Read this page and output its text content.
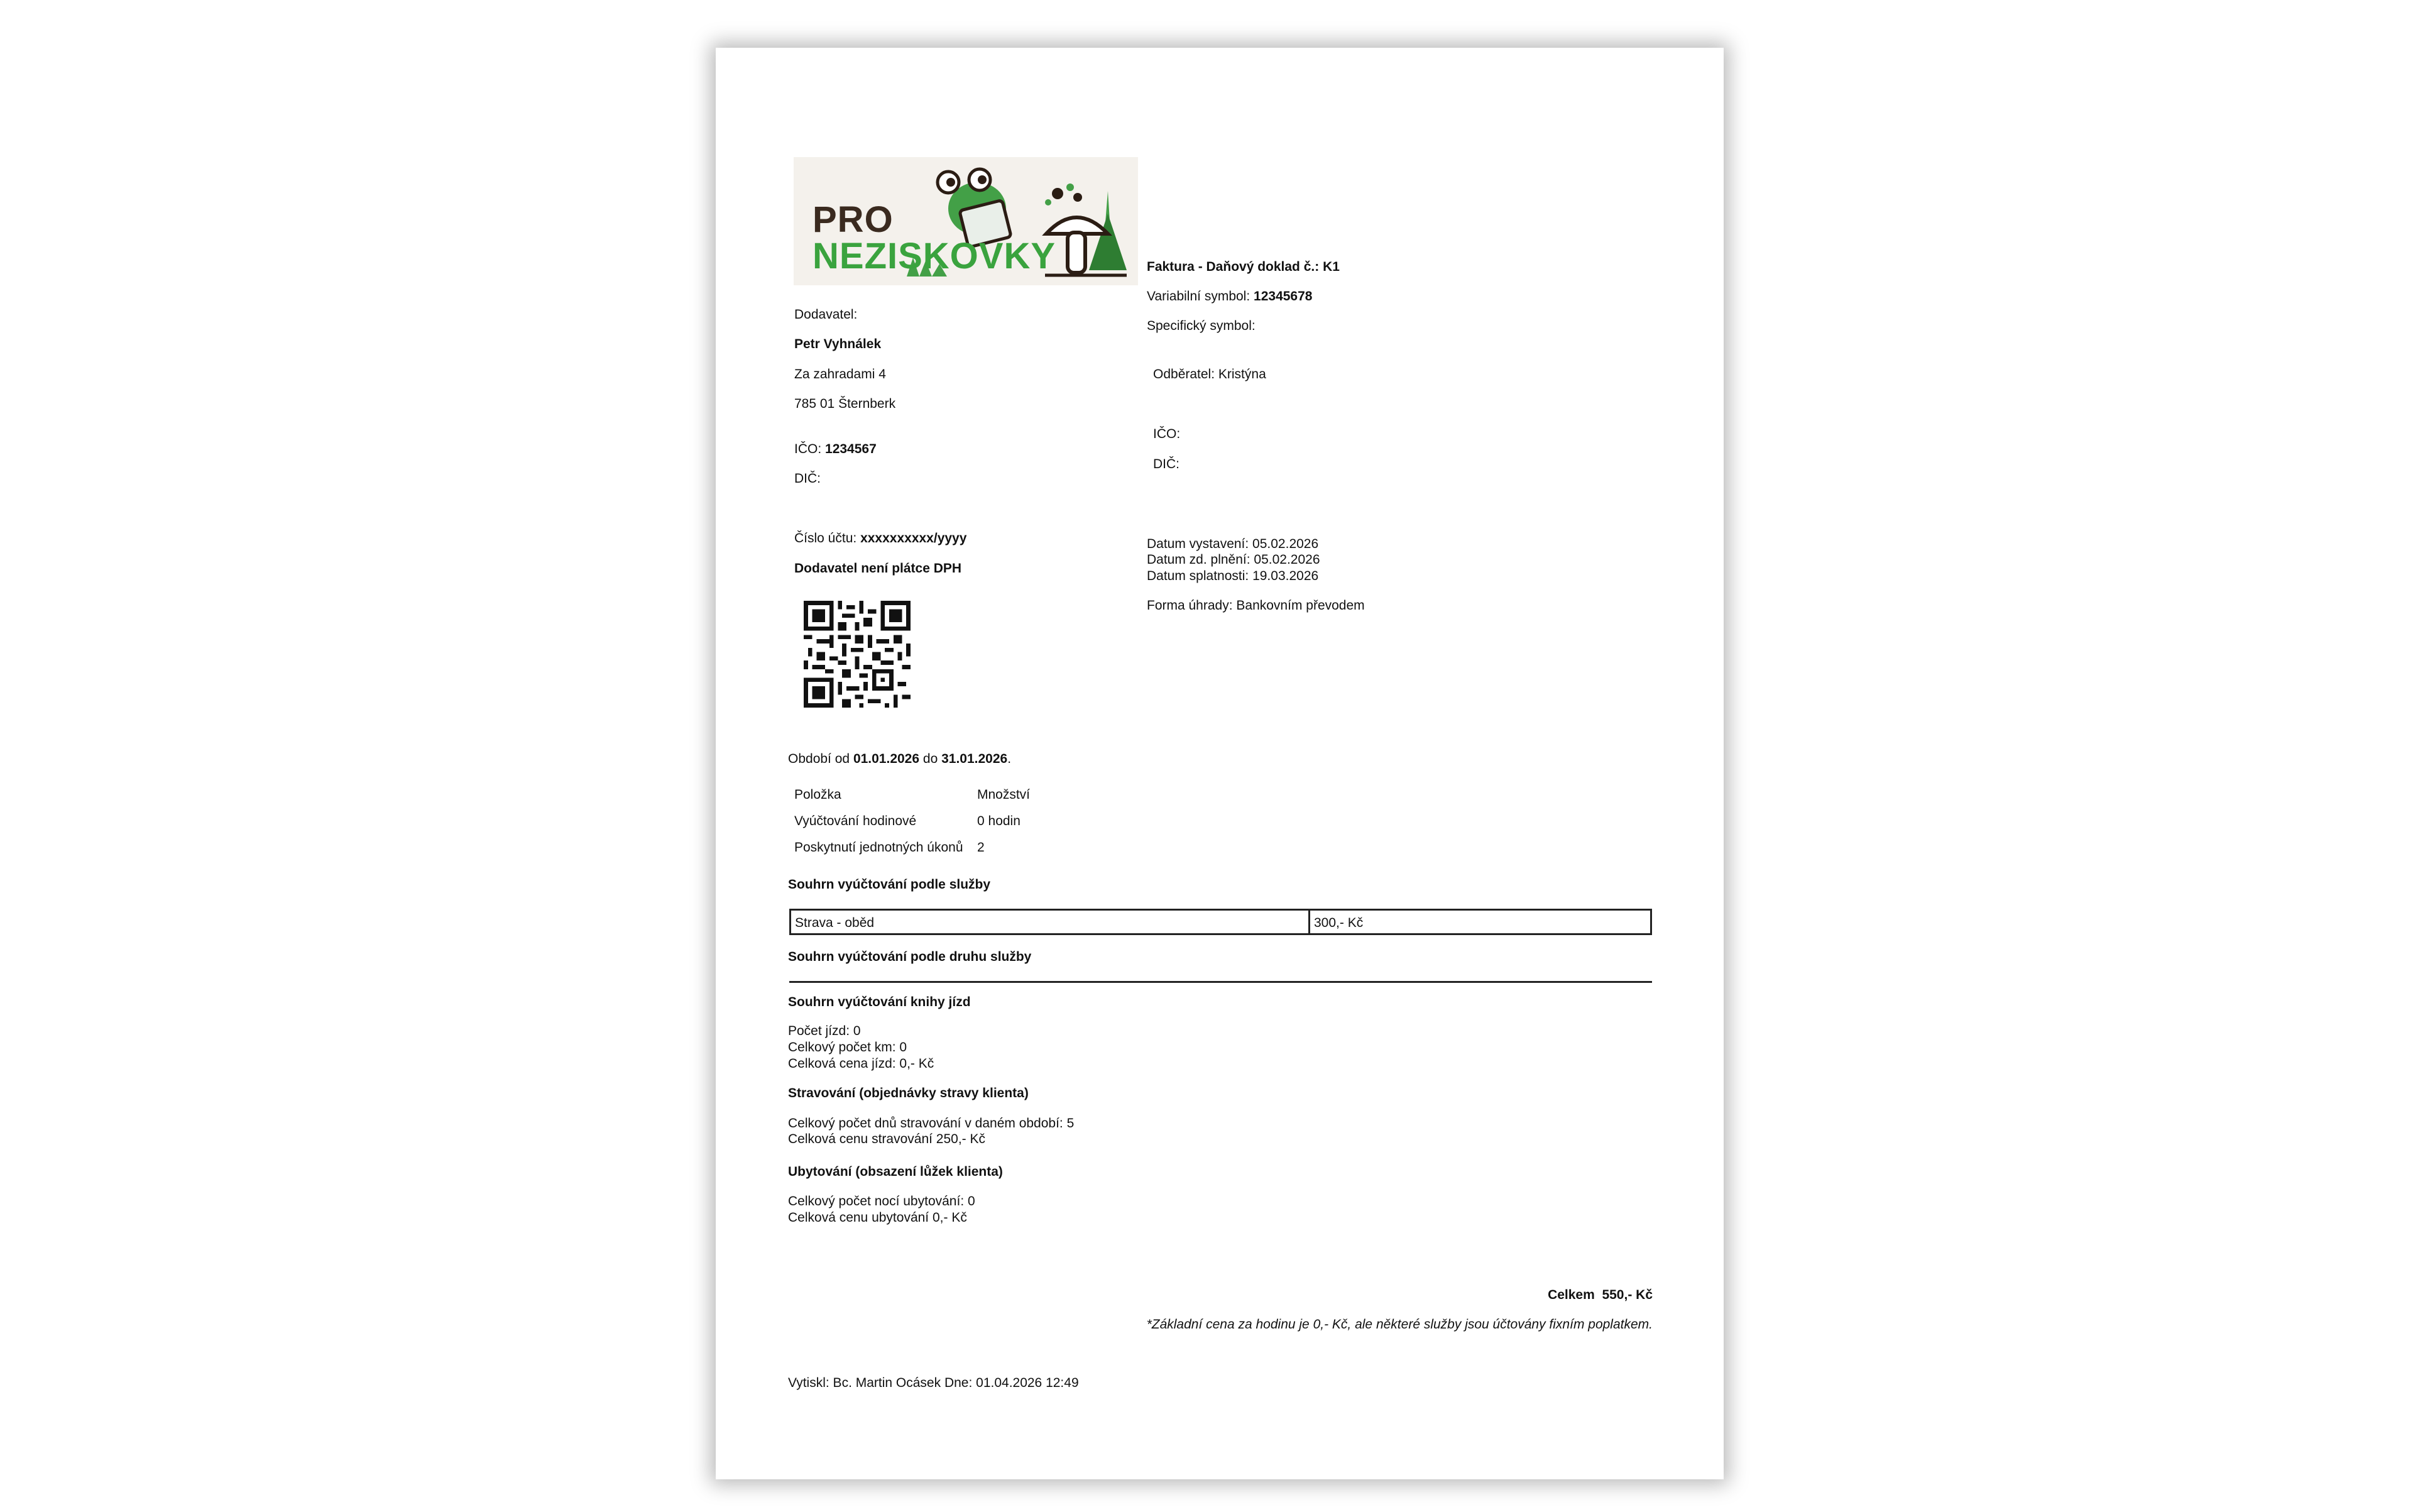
PRO
NEZISKOVKY
Dodavatel:
Petr Vyhnálek
Za zahradami 4
785 01 Šternberk
IČO: 1234567
DIČ:
Číslo účtu: xxxxxxxxxx/yyyy
Dodavatel není plátce DPH
Faktura - Daňový doklad č.: K1
Variabilní symbol: 12345678
Specifický symbol:
Odběratel: Kristýna
IČO:
DIČ:
Datum vystavení: 05.02.2026
Datum zd. plnění: 05.02.2026
Datum splatnosti: 19.03.2026
Forma úhrady: Bankovním převodem
Období od 01.01.2026 do 31.01.2026.
Položka	Množství
Vyúčtování hodinové	0 hodin
Poskytnutí jednotných úkonů 2
Souhrn vyúčtování podle služby
Strava - oběd	300,- Kč
Souhrn vyúčtování podle druhu služby
Souhrn vyúčtování knihy jízd
Počet jízd: 0
Celkový počet km: 0
Celková cena jízd: 0,- Kč
Stravování (objednávky stravy klienta)
Celkový počet dnů stravování v daném období: 5
Celková cenu stravování 250,- Kč
Ubytování (obsazení lůžek klienta)
Celkový počet nocí ubytování: 0
Celková cenu ubytování 0,- Kč
Celkem 550,- Kč
*Základní cena za hodinu je 0,- Kč, ale některé služby jsou účtovány fixním poplatkem.
Vytiskl: Bc. Martin Ocásek Dne: 01.04.2026 12:49
